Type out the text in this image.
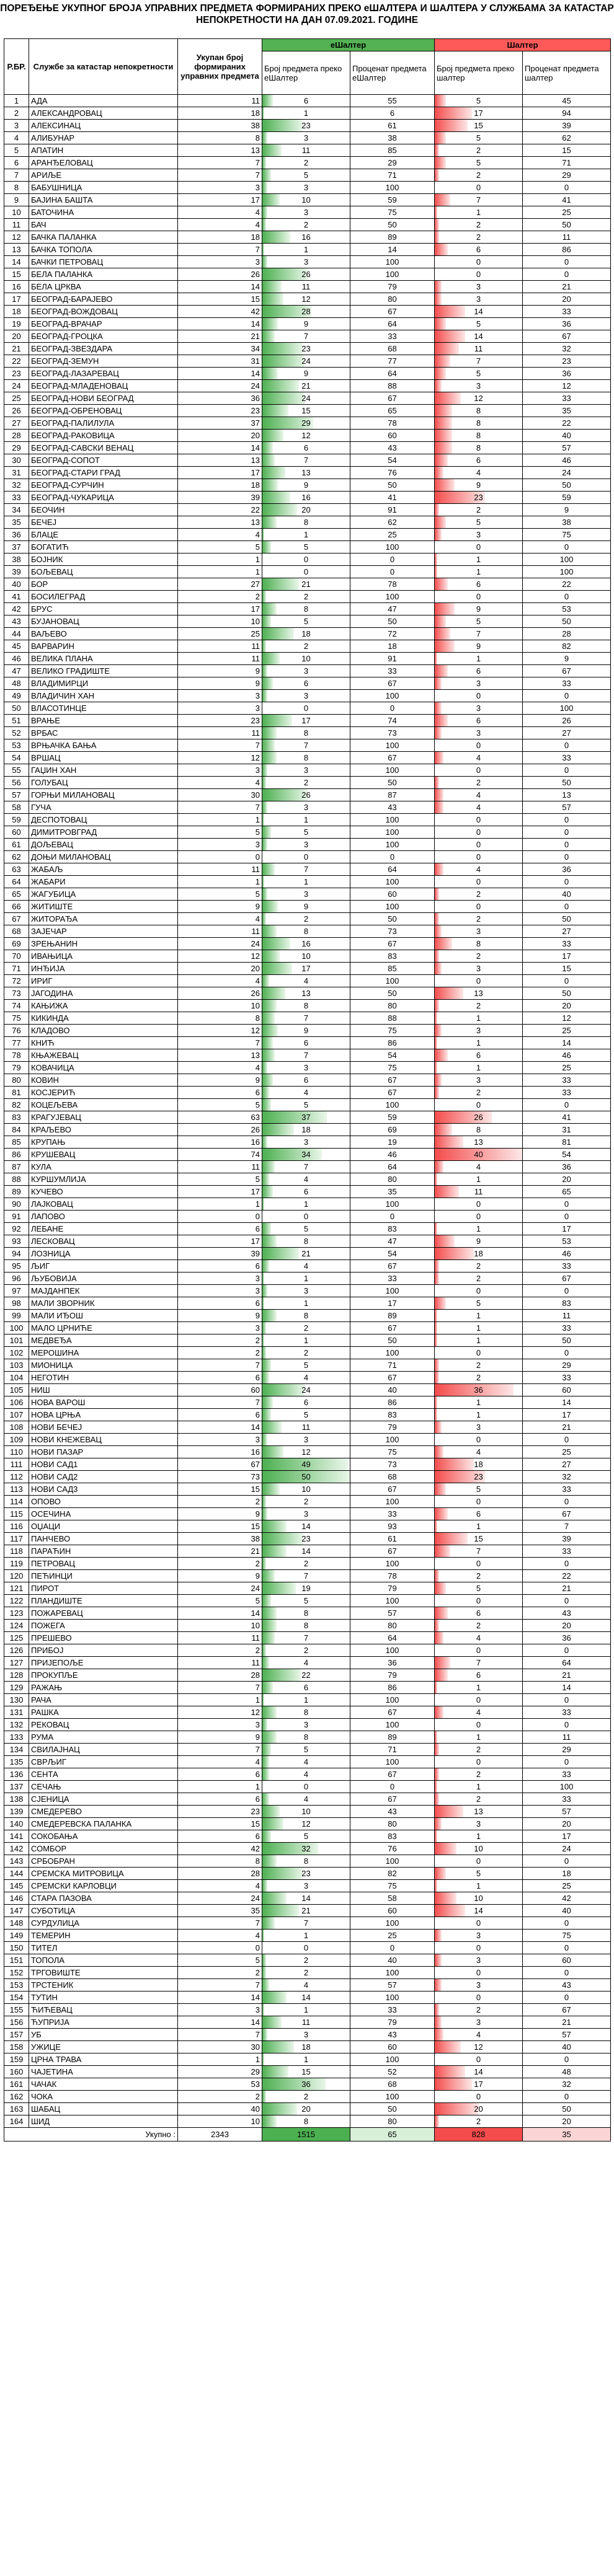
ПОРЕЂЕЊЕ УКУПНОГ БРОЈА УПРАВНИХ ПРЕДМЕТА ФОРМИРАНИХ ПРЕКО еШАЛТЕРА И ШАЛТЕРА У СЛУЖБАМА ЗА КАТАСТАР НЕПОКРЕТНОСТИ НА ДАН 07.09.2021. ГОДИНЕ
Р.БР.	Службе за катастар непокретности	Укупан број формираних управних предмета	еШалтер		Шалтер	
			Број предмета преко еШалтер	Проценат предмета еШалтер	Број предмета преко шалтер	Проценат предмета шалтер
1	АДА	11	6	55	5	45
2	АЛЕКСАНДРОВАЦ	18	1	6	17	94
3	АЛЕКСИНАЦ	38	23	61	15	39
4	АЛИБУНАР	8	3	38	5	62
5	АПАТИН	13	11	85	2	15
6	АРАНЂЕЛОВАЦ	7	2	29	5	71
7	АРИЉЕ	7	5	71	2	29
8	БАБУШНИЦА	3	3	100	0	0
9	БАЈИНА БАШТА	17	10	59	7	41
10	БАТОЧИНА	4	3	75	1	25
11	БАЧ	4	2	50	2	50
12	БАЧКА ПАЛАНКА	18	16	89	2	11
13	БАЧКА ТОПОЛА	7	1	14	6	86
14	БАЧКИ ПЕТРОВАЦ	3	3	100	0	0
15	БЕЛА ПАЛАНКА	26	26	100	0	0
16	БЕЛА ЦРКВА	14	11	79	3	21
17	БЕОГРАД-БАРАЈЕВО	15	12	80	3	20
18	БЕОГРАД-ВОЖДОВАЦ	42	28	67	14	33
19	БЕОГРАД-ВРАЧАР	14	9	64	5	36
20	БЕОГРАД-ГРОЦКА	21	7	33	14	67
21	БЕОГРАД-ЗВЕЗДАРА	34	23	68	11	32
22	БЕОГРАД-ЗЕМУН	31	24	77	7	23
23	БЕОГРАД-ЛАЗАРЕВАЦ	14	9	64	5	36
24	БЕОГРАД-МЛАДЕНОВАЦ	24	21	88	3	12
25	БЕОГРАД-НОВИ БЕОГРАД	36	24	67	12	33
26	БЕОГРАД-ОБРЕНОВАЦ	23	15	65	8	35
27	БЕОГРАД-ПАЛИЛУЛА	37	29	78	8	22
28	БЕОГРАД-РАКОВИЦА	20	12	60	8	40
29	БЕОГРАД-САВСКИ ВЕНАЦ	14	6	43	8	57
30	БЕОГРАД-СОПОТ	13	7	54	6	46
31	БЕОГРАД-СТАРИ ГРАД	17	13	76	4	24
32	БЕОГРАД-СУРЧИН	18	9	50	9	50
33	БЕОГРАД-ЧУКАРИЦА	39	16	41	23	59
34	БЕОЧИН	22	20	91	2	9
35	БЕЧЕЈ	13	8	62	5	38
36	БЛАЦЕ	4	1	25	3	75
37	БОГАТИЋ	5	5	100	0	0
38	БОЈНИК	1	0	0	1	100
39	БОЉЕВАЦ	1	0	0	1	100
40	БОР	27	21	78	6	22
41	БОСИЛЕГРАД	2	2	100	0	0
42	БРУС	17	8	47	9	53
43	БУЈАНОВАЦ	10	5	50	5	50
44	ВАЉЕВО	25	18	72	7	28
45	ВАРВАРИН	11	2	18	9	82
46	ВЕЛИКА ПЛАНА	11	10	91	1	9
47	ВЕЛИКО ГРАДИШТЕ	9	3	33	6	67
48	ВЛАДИМИРЦИ	9	6	67	3	33
49	ВЛАДИЧИН ХАН	3	3	100	0	0
50	ВЛАСОТИНЦЕ	3	0	0	3	100
51	ВРАЊЕ	23	17	74	6	26
52	ВРБАС	11	8	73	3	27
53	ВРЊАЧКА БАЊА	7	7	100	0	0
54	ВРШАЦ	12	8	67	4	33
55	ГАЏИН ХАН	3	3	100	0	0
56	ГОЛУБАЦ	4	2	50	2	50
57	ГОРЊИ МИЛАНОВАЦ	30	26	87	4	13
58	ГУЧА	7	3	43	4	57
59	ДЕСПОТОВАЦ	1	1	100	0	0
60	ДИМИТРОВГРАД	5	5	100	0	0
61	ДОЉЕВАЦ	3	3	100	0	0
62	ДОЊИ МИЛАНОВАЦ	0	0	0	0	0
63	ЖАБАЉ	11	7	64	4	36
64	ЖАБАРИ	1	1	100	0	0
65	ЖАГУБИЦА	5	3	60	2	40
66	ЖИТИШТЕ	9	9	100	0	0
67	ЖИТОРАЂА	4	2	50	2	50
68	ЗАЈЕЧАР	11	8	73	3	27
69	ЗРЕЊАНИН	24	16	67	8	33
70	ИВАЊИЦА	12	10	83	2	17
71	ИНЂИЈА	20	17	85	3	15
72	ИРИГ	4	4	100	0	0
73	ЈАГОДИНА	26	13	50	13	50
74	КАЊИЖА	10	8	80	2	20
75	КИКИНДА	8	7	88	1	12
76	КЛАДОВО	12	9	75	3	25
77	КНИЋ	7	6	86	1	14
78	КЊАЖЕВАЦ	13	7	54	6	46
79	КОВАЧИЦА	4	3	75	1	25
80	КОВИН	9	6	67	3	33
81	КОСЈЕРИЋ	6	4	67	2	33
82	КОЦЕЉЕВА	5	5	100	0	0
83	КРАГУЈЕВАЦ	63	37	59	26	41
84	КРАЉЕВО	26	18	69	8	31
85	КРУПАЊ	16	3	19	13	81
86	КРУШЕВАЦ	74	34	46	40	54
87	КУЛА	11	7	64	4	36
88	КУРШУМЛИЈА	5	4	80	1	20
89	КУЧЕВО	17	6	35	11	65
90	ЛАЈКОВАЦ	1	1	100	0	0
91	ЛАПОВО	0	0	0	0	0
92	ЛЕБАНЕ	6	5	83	1	17
93	ЛЕСКОВАЦ	17	8	47	9	53
94	ЛОЗНИЦА	39	21	54	18	46
95	ЉИГ	6	4	67	2	33
96	ЉУБОВИЈА	3	1	33	2	67
97	МАЈДАНПЕК	3	3	100	0	0
98	МАЛИ ЗВОРНИК	6	1	17	5	83
99	МАЛИ ИЂОШ	9	8	89	1	11
100	МАЛО ЦРНИЋЕ	3	2	67	1	33
101	МЕДВЕЂА	2	1	50	1	50
102	МЕРОШИНА	2	2	100	0	0
103	МИОНИЦА	7	5	71	2	29
104	НЕГОТИН	6	4	67	2	33
105	НИШ	60	24	40	36	60
106	НОВА ВАРОШ	7	6	86	1	14
107	НОВА ЦРЊА	6	5	83	1	17
108	НОВИ БЕЧЕЈ	14	11	79	3	21
109	НОВИ КНЕЖЕВАЦ	3	3	100	0	0
110	НОВИ ПАЗАР	16	12	75	4	25
111	НОВИ САД1	67	49	73	18	27
112	НОВИ САД2	73	50	68	23	32
113	НОВИ САД3	15	10	67	5	33
114	ОПОВО	2	2	100	0	0
115	ОСЕЧИНА	9	3	33	6	67
116	ОЏАЦИ	15	14	93	1	7
117	ПАНЧЕВО	38	23	61	15	39
118	ПАРАЋИН	21	14	67	7	33
119	ПЕТРОВАЦ	2	2	100	0	0
120	ПЕЋИНЦИ	9	7	78	2	22
121	ПИРОТ	24	19	79	5	21
122	ПЛАНДИШТЕ	5	5	100	0	0
123	ПОЖАРЕВАЦ	14	8	57	6	43
124	ПОЖЕГА	10	8	80	2	20
125	ПРЕШЕВО	11	7	64	4	36
126	ПРИБОЈ	2	2	100	0	0
127	ПРИЈЕПОЉЕ	11	4	36	7	64
128	ПРОКУПЉЕ	28	22	79	6	21
129	РАЖАЊ	7	6	86	1	14
130	РАЧА	1	1	100	0	0
131	РАШКА	12	8	67	4	33
132	РЕКОВАЦ	3	3	100	0	0
133	РУМА	9	8	89	1	11
134	СВИЛАЈНАЦ	7	5	71	2	29
135	СВРЉИГ	4	4	100	0	0
136	СЕНТА	6	4	67	2	33
137	СЕЧАЊ	1	0	0	1	100
138	СЈЕНИЦА	6	4	67	2	33
139	СМЕДЕРЕВО	23	10	43	13	57
140	СМЕДЕРЕВСКА ПАЛАНКА	15	12	80	3	20
141	СОКОБАЊА	6	5	83	1	17
142	СОМБОР	42	32	76	10	24
143	СРБОБРАН	8	8	100	0	0
144	СРЕМСКА МИТРОВИЦА	28	23	82	5	18
145	СРЕМСКИ КАРЛОВЦИ	4	3	75	1	25
146	СТАРА ПАЗОВА	24	14	58	10	42
147	СУБОТИЦА	35	21	60	14	40
148	СУРДУЛИЦА	7	7	100	0	0
149	ТЕМЕРИН	4	1	25	3	75
150	ТИТЕЛ	0	0	0	0	0
151	ТОПОЛА	5	2	40	3	60
152	ТРГОВИШТЕ	2	2	100	0	0
153	ТРСТЕНИК	7	4	57	3	43
154	ТУТИН	14	14	100	0	0
155	ЋИЋЕВАЦ	3	1	33	2	67
156	ЋУПРИЈА	14	11	79	3	21
157	УБ	7	3	43	4	57
158	УЖИЦЕ	30	18	60	12	40
159	ЦРНА ТРАВА	1	1	100	0	0
160	ЧАЈЕТИНА	29	15	52	14	48
161	ЧАЧАК	53	36	68	17	32
162	ЧОКА	2	2	100	0	0
163	ШАБАЦ	40	20	50	20	50
164	ШИД	10	8	80	2	20
Укупно :		2343	1515	65	828	35
